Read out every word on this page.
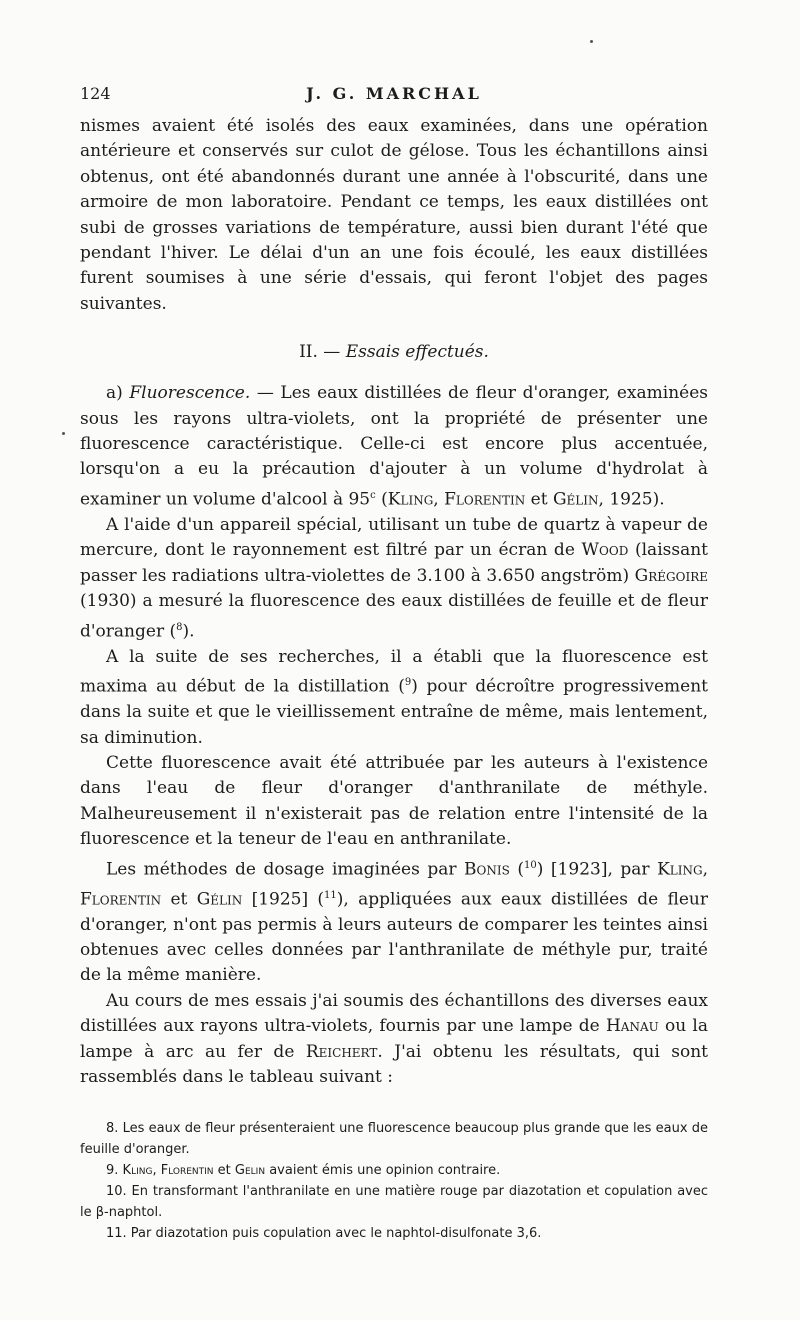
124	J. G. MARCHAL

nismes avaient été isolés des eaux examinées, dans une opération antérieure et conservés sur culot de gélose. Tous les échantillons ainsi obtenus, ont été abandonnés durant une année à l'obscurité, dans une armoire de mon laboratoire. Pendant ce temps, les eaux distillées ont subi de grosses variations de température, aussi bien durant l'été que pendant l'hiver. Le délai d'un an une fois écoulé, les eaux distillées furent soumises à une série d'essais, qui feront l'objet des pages suivantes.

II. — Essais effectués.

a) Fluorescence. — Les eaux distillées de fleur d'oranger, examinées sous les rayons ultra-violets, ont la propriété de présenter une fluorescence caractéristique. Celle-ci est encore plus accentuée, lorsqu'on a eu la précaution d'ajouter à un volume d'hydrolat à examiner un volume d'alcool à 95$^c$ (Kling, Florentin et Gélin, 1925).

A l'aide d'un appareil spécial, utilisant un tube de quartz à vapeur de mercure, dont le rayonnement est filtré par un écran de Wood (laissant passer les radiations ultra-violettes de 3.100 à 3.650 angström) Grégoire (1930) a mesuré la fluorescence des eaux distillées de feuille et de fleur d'oranger ($^8$).

A la suite de ses recherches, il a établi que la fluorescence est maxima au début de la distillation ($^9$) pour décroître progressivement dans la suite et que le vieillissement entraîne de même, mais lentement, sa diminution.

Cette fluorescence avait été attribuée par les auteurs à l'existence dans l'eau de fleur d'oranger d'anthranilate de méthyle. Malheureusement il n'existerait pas de relation entre l'intensité de la fluorescence et la teneur de l'eau en anthranilate.

Les méthodes de dosage imaginées par Bonis ($^{10}$) [1923], par Kling, Florentin et Gélin [1925] ($^{11}$), appliquées aux eaux distillées de fleur d'oranger, n'ont pas permis à leurs auteurs de comparer les teintes ainsi obtenues avec celles données par l'anthranilate de méthyle pur, traité de la même manière.

Au cours de mes essais j'ai soumis des échantillons des diverses eaux distillées aux rayons ultra-violets, fournis par une lampe de Hanau ou la lampe à arc au fer de Reichert. J'ai obtenu les résultats, qui sont rassemblés dans le tableau suivant :

8. Les eaux de fleur présenteraient une fluorescence beaucoup plus grande que les eaux de feuille d'oranger.

9. Kling, Florentin et Gelin avaient émis une opinion contraire.

10. En transformant l'anthranilate en une matière rouge par diazotation et copulation avec le β-naphtol.

11. Par diazotation puis copulation avec le naphtol-disulfonate 3,6.
